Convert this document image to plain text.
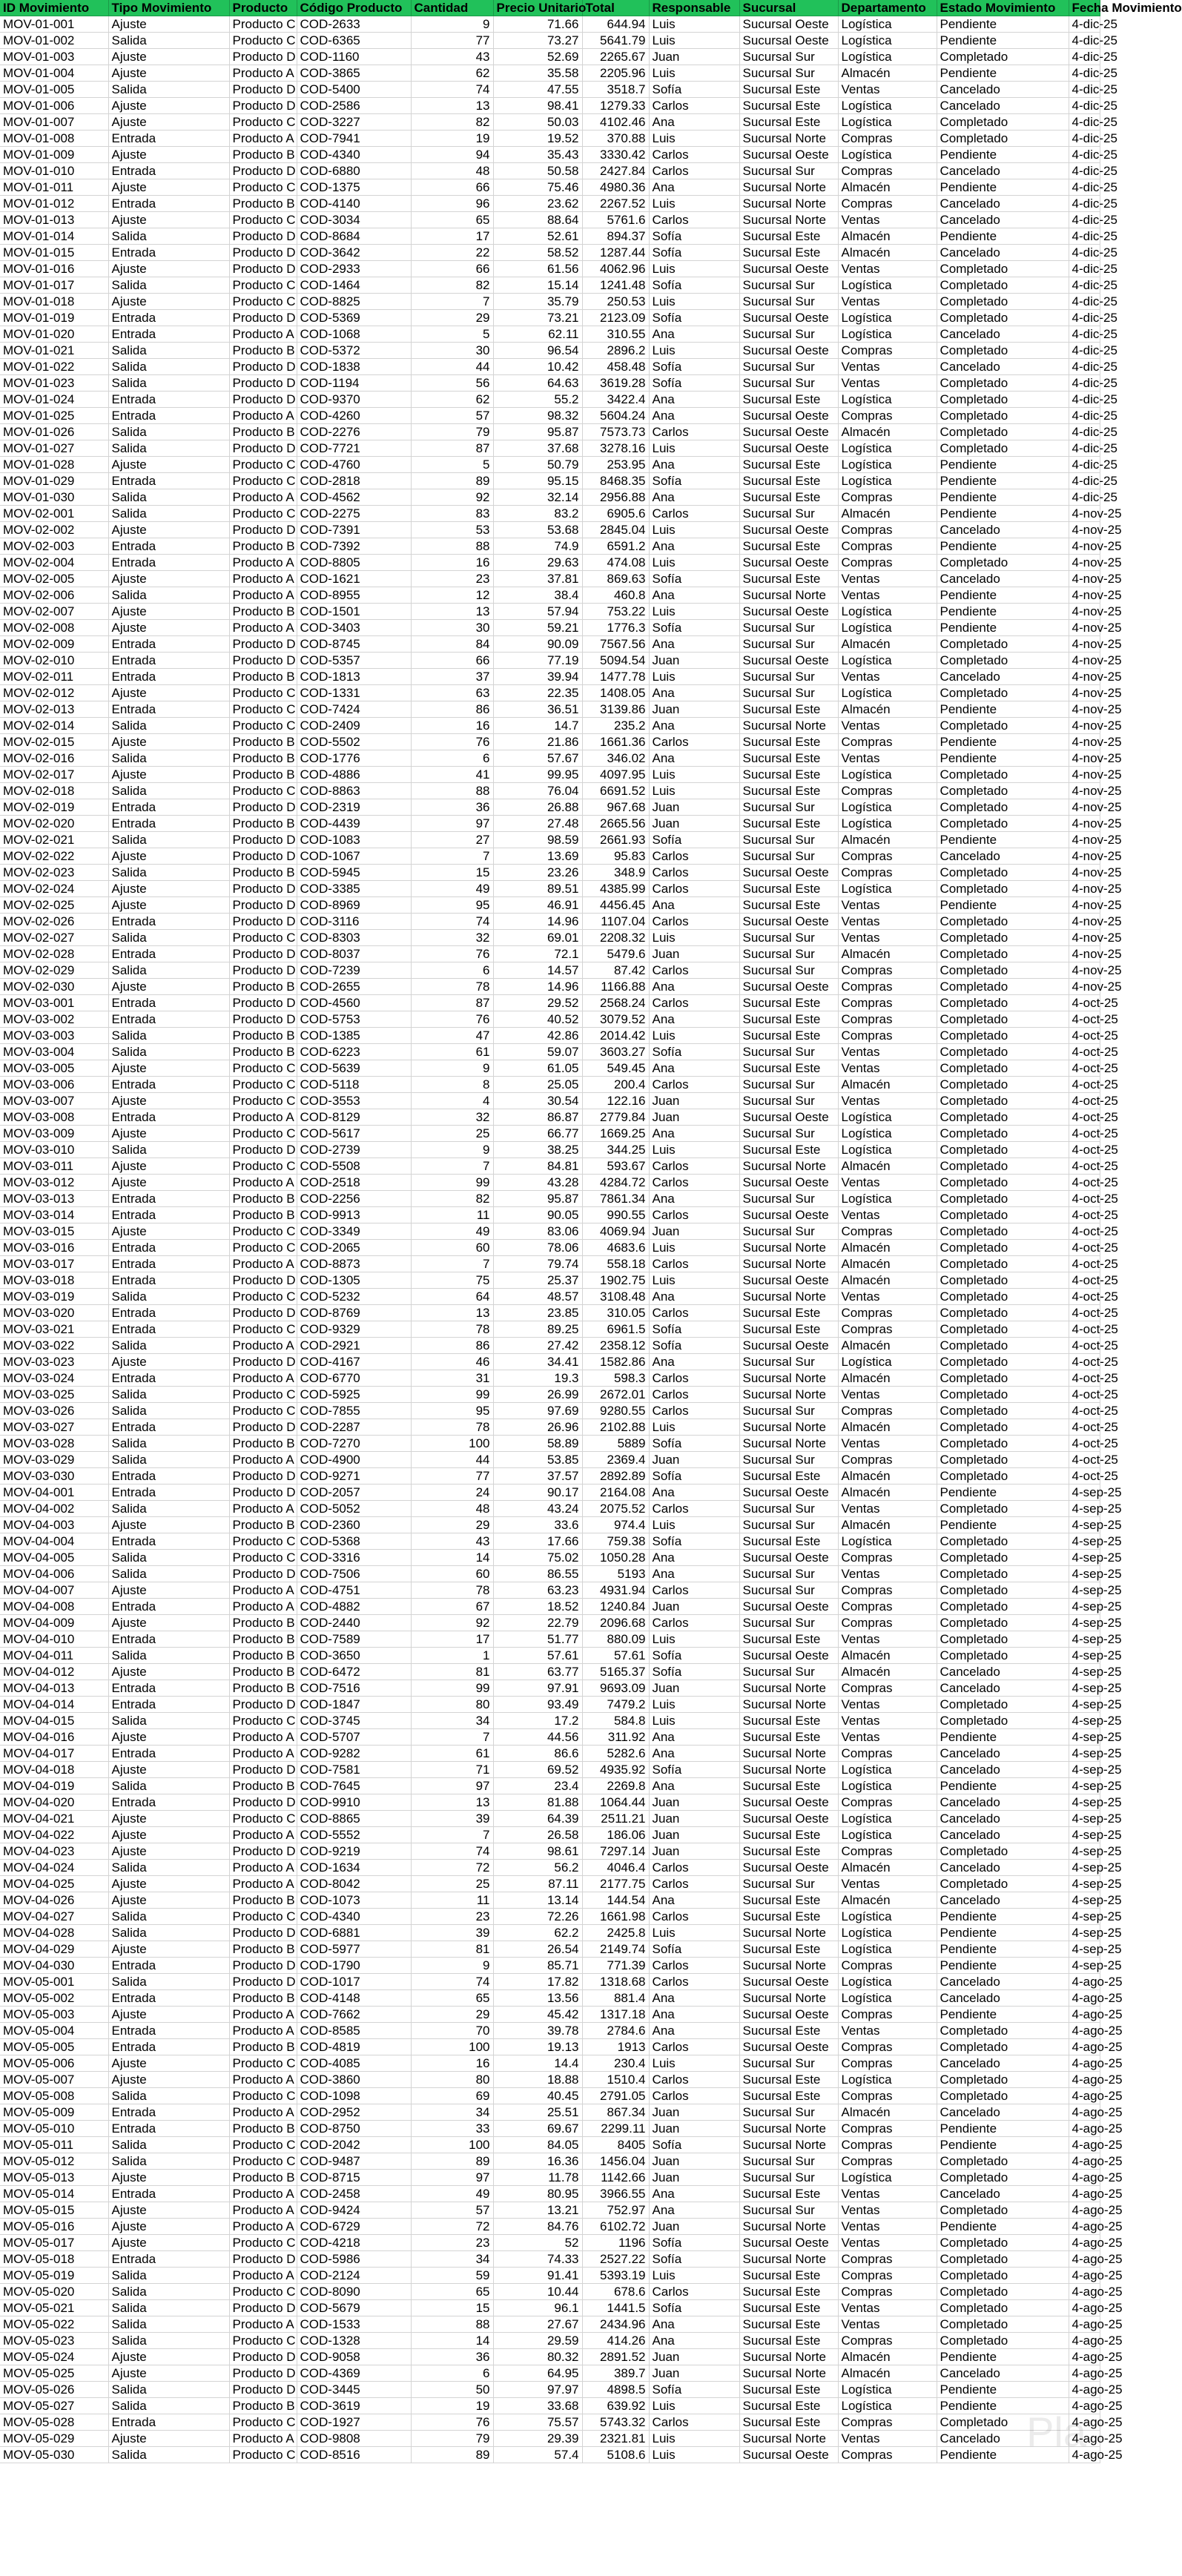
ID Movimiento	Tipo Movimiento	Producto	Código Producto	Cantidad	Precio Unitario	Total	Responsable	Sucursal	Departamento	Estado Movimiento	Fecha Movimiento
MOV-01-001	Ajuste	Producto C	COD-2633	9	71.66	644.94	Luis	Sucursal Oeste	Logística	Pendiente	4-dic-25
MOV-01-002	Salida	Producto C	COD-6365	77	73.27	5641.79	Luis	Sucursal Oeste	Logística	Pendiente	4-dic-25
MOV-01-003	Ajuste	Producto D	COD-1160	43	52.69	2265.67	Juan	Sucursal Sur	Logística	Completado	4-dic-25
MOV-01-004	Ajuste	Producto A	COD-3865	62	35.58	2205.96	Luis	Sucursal Sur	Almacén	Pendiente	4-dic-25
MOV-01-005	Salida	Producto D	COD-5400	74	47.55	3518.7	Sofía	Sucursal Este	Ventas	Cancelado	4-dic-25
MOV-01-006	Ajuste	Producto D	COD-2586	13	98.41	1279.33	Carlos	Sucursal Este	Logística	Cancelado	4-dic-25
MOV-01-007	Ajuste	Producto C	COD-3227	82	50.03	4102.46	Ana	Sucursal Este	Logística	Completado	4-dic-25
MOV-01-008	Entrada	Producto A	COD-7941	19	19.52	370.88	Luis	Sucursal Norte	Compras	Completado	4-dic-25
MOV-01-009	Ajuste	Producto B	COD-4340	94	35.43	3330.42	Carlos	Sucursal Oeste	Logística	Pendiente	4-dic-25
MOV-01-010	Entrada	Producto D	COD-6880	48	50.58	2427.84	Carlos	Sucursal Sur	Compras	Cancelado	4-dic-25
MOV-01-011	Ajuste	Producto C	COD-1375	66	75.46	4980.36	Ana	Sucursal Norte	Almacén	Pendiente	4-dic-25
MOV-01-012	Entrada	Producto B	COD-4140	96	23.62	2267.52	Luis	Sucursal Norte	Compras	Cancelado	4-dic-25
MOV-01-013	Ajuste	Producto C	COD-3034	65	88.64	5761.6	Carlos	Sucursal Norte	Ventas	Cancelado	4-dic-25
MOV-01-014	Salida	Producto D	COD-8684	17	52.61	894.37	Sofía	Sucursal Este	Almacén	Pendiente	4-dic-25
MOV-01-015	Entrada	Producto D	COD-3642	22	58.52	1287.44	Sofía	Sucursal Este	Almacén	Cancelado	4-dic-25
MOV-01-016	Ajuste	Producto D	COD-2933	66	61.56	4062.96	Luis	Sucursal Oeste	Ventas	Completado	4-dic-25
MOV-01-017	Salida	Producto C	COD-1464	82	15.14	1241.48	Sofía	Sucursal Sur	Logística	Completado	4-dic-25
MOV-01-018	Ajuste	Producto C	COD-8825	7	35.79	250.53	Luis	Sucursal Sur	Ventas	Completado	4-dic-25
MOV-01-019	Entrada	Producto D	COD-5369	29	73.21	2123.09	Sofía	Sucursal Oeste	Logística	Completado	4-dic-25
MOV-01-020	Entrada	Producto A	COD-1068	5	62.11	310.55	Ana	Sucursal Sur	Logística	Cancelado	4-dic-25
MOV-01-021	Salida	Producto B	COD-5372	30	96.54	2896.2	Luis	Sucursal Oeste	Compras	Completado	4-dic-25
MOV-01-022	Salida	Producto D	COD-1838	44	10.42	458.48	Sofía	Sucursal Sur	Ventas	Cancelado	4-dic-25
MOV-01-023	Salida	Producto D	COD-1194	56	64.63	3619.28	Sofía	Sucursal Sur	Ventas	Completado	4-dic-25
MOV-01-024	Entrada	Producto D	COD-9370	62	55.2	3422.4	Ana	Sucursal Este	Logística	Completado	4-dic-25
MOV-01-025	Entrada	Producto A	COD-4260	57	98.32	5604.24	Ana	Sucursal Oeste	Compras	Completado	4-dic-25
MOV-01-026	Salida	Producto B	COD-2276	79	95.87	7573.73	Carlos	Sucursal Oeste	Almacén	Completado	4-dic-25
MOV-01-027	Salida	Producto D	COD-7721	87	37.68	3278.16	Luis	Sucursal Oeste	Logística	Completado	4-dic-25
MOV-01-028	Ajuste	Producto C	COD-4760	5	50.79	253.95	Ana	Sucursal Este	Logística	Pendiente	4-dic-25
MOV-01-029	Entrada	Producto C	COD-2818	89	95.15	8468.35	Sofía	Sucursal Este	Logística	Pendiente	4-dic-25
MOV-01-030	Salida	Producto A	COD-4562	92	32.14	2956.88	Ana	Sucursal Este	Compras	Pendiente	4-dic-25
MOV-02-001	Salida	Producto C	COD-2275	83	83.2	6905.6	Carlos	Sucursal Sur	Almacén	Pendiente	4-nov-25
MOV-02-002	Ajuste	Producto D	COD-7391	53	53.68	2845.04	Luis	Sucursal Oeste	Compras	Cancelado	4-nov-25
MOV-02-003	Entrada	Producto B	COD-7392	88	74.9	6591.2	Ana	Sucursal Este	Compras	Pendiente	4-nov-25
MOV-02-004	Entrada	Producto A	COD-8805	16	29.63	474.08	Luis	Sucursal Oeste	Compras	Completado	4-nov-25
MOV-02-005	Ajuste	Producto A	COD-1621	23	37.81	869.63	Sofía	Sucursal Este	Ventas	Cancelado	4-nov-25
MOV-02-006	Salida	Producto A	COD-8955	12	38.4	460.8	Ana	Sucursal Norte	Ventas	Pendiente	4-nov-25
MOV-02-007	Ajuste	Producto B	COD-1501	13	57.94	753.22	Luis	Sucursal Oeste	Logística	Pendiente	4-nov-25
MOV-02-008	Ajuste	Producto A	COD-3403	30	59.21	1776.3	Sofía	Sucursal Sur	Logística	Pendiente	4-nov-25
MOV-02-009	Entrada	Producto D	COD-8745	84	90.09	7567.56	Ana	Sucursal Sur	Almacén	Completado	4-nov-25
MOV-02-010	Entrada	Producto D	COD-5357	66	77.19	5094.54	Juan	Sucursal Oeste	Logística	Completado	4-nov-25
MOV-02-011	Entrada	Producto B	COD-1813	37	39.94	1477.78	Luis	Sucursal Sur	Ventas	Cancelado	4-nov-25
MOV-02-012	Ajuste	Producto C	COD-1331	63	22.35	1408.05	Ana	Sucursal Sur	Logística	Completado	4-nov-25
MOV-02-013	Entrada	Producto C	COD-7424	86	36.51	3139.86	Juan	Sucursal Este	Almacén	Pendiente	4-nov-25
MOV-02-014	Salida	Producto C	COD-2409	16	14.7	235.2	Ana	Sucursal Norte	Ventas	Completado	4-nov-25
MOV-02-015	Ajuste	Producto B	COD-5502	76	21.86	1661.36	Carlos	Sucursal Este	Compras	Pendiente	4-nov-25
MOV-02-016	Salida	Producto B	COD-1776	6	57.67	346.02	Ana	Sucursal Este	Ventas	Pendiente	4-nov-25
MOV-02-017	Ajuste	Producto B	COD-4886	41	99.95	4097.95	Luis	Sucursal Este	Logística	Completado	4-nov-25
MOV-02-018	Salida	Producto C	COD-8863	88	76.04	6691.52	Luis	Sucursal Este	Compras	Completado	4-nov-25
MOV-02-019	Entrada	Producto D	COD-2319	36	26.88	967.68	Juan	Sucursal Sur	Logística	Completado	4-nov-25
MOV-02-020	Entrada	Producto B	COD-4439	97	27.48	2665.56	Juan	Sucursal Este	Logística	Completado	4-nov-25
MOV-02-021	Salida	Producto D	COD-1083	27	98.59	2661.93	Sofía	Sucursal Sur	Almacén	Pendiente	4-nov-25
MOV-02-022	Ajuste	Producto D	COD-1067	7	13.69	95.83	Carlos	Sucursal Sur	Compras	Cancelado	4-nov-25
MOV-02-023	Salida	Producto B	COD-5945	15	23.26	348.9	Carlos	Sucursal Oeste	Compras	Completado	4-nov-25
MOV-02-024	Ajuste	Producto D	COD-3385	49	89.51	4385.99	Carlos	Sucursal Este	Logística	Completado	4-nov-25
MOV-02-025	Ajuste	Producto D	COD-8969	95	46.91	4456.45	Ana	Sucursal Este	Ventas	Pendiente	4-nov-25
MOV-02-026	Entrada	Producto D	COD-3116	74	14.96	1107.04	Carlos	Sucursal Oeste	Ventas	Completado	4-nov-25
MOV-02-027	Salida	Producto C	COD-8303	32	69.01	2208.32	Luis	Sucursal Sur	Ventas	Completado	4-nov-25
MOV-02-028	Entrada	Producto D	COD-8037	76	72.1	5479.6	Juan	Sucursal Sur	Almacén	Completado	4-nov-25
MOV-02-029	Salida	Producto D	COD-7239	6	14.57	87.42	Carlos	Sucursal Sur	Compras	Completado	4-nov-25
MOV-02-030	Ajuste	Producto B	COD-2655	78	14.96	1166.88	Ana	Sucursal Oeste	Compras	Completado	4-nov-25
MOV-03-001	Entrada	Producto D	COD-4560	87	29.52	2568.24	Carlos	Sucursal Este	Compras	Completado	4-oct-25
MOV-03-002	Entrada	Producto D	COD-5753	76	40.52	3079.52	Ana	Sucursal Este	Compras	Completado	4-oct-25
MOV-03-003	Salida	Producto B	COD-1385	47	42.86	2014.42	Luis	Sucursal Este	Compras	Completado	4-oct-25
MOV-03-004	Salida	Producto B	COD-6223	61	59.07	3603.27	Sofía	Sucursal Sur	Ventas	Completado	4-oct-25
MOV-03-005	Ajuste	Producto C	COD-5639	9	61.05	549.45	Ana	Sucursal Este	Ventas	Completado	4-oct-25
MOV-03-006	Entrada	Producto C	COD-5118	8	25.05	200.4	Carlos	Sucursal Sur	Almacén	Completado	4-oct-25
MOV-03-007	Ajuste	Producto C	COD-3553	4	30.54	122.16	Juan	Sucursal Sur	Ventas	Completado	4-oct-25
MOV-03-008	Entrada	Producto A	COD-8129	32	86.87	2779.84	Juan	Sucursal Oeste	Logística	Completado	4-oct-25
MOV-03-009	Ajuste	Producto C	COD-5617	25	66.77	1669.25	Ana	Sucursal Sur	Logística	Completado	4-oct-25
MOV-03-010	Salida	Producto D	COD-2739	9	38.25	344.25	Luis	Sucursal Este	Logística	Completado	4-oct-25
MOV-03-011	Ajuste	Producto C	COD-5508	7	84.81	593.67	Carlos	Sucursal Norte	Almacén	Completado	4-oct-25
MOV-03-012	Ajuste	Producto A	COD-2518	99	43.28	4284.72	Carlos	Sucursal Oeste	Ventas	Completado	4-oct-25
MOV-03-013	Entrada	Producto B	COD-2256	82	95.87	7861.34	Ana	Sucursal Sur	Logística	Completado	4-oct-25
MOV-03-014	Entrada	Producto B	COD-9913	11	90.05	990.55	Carlos	Sucursal Oeste	Ventas	Completado	4-oct-25
MOV-03-015	Ajuste	Producto C	COD-3349	49	83.06	4069.94	Juan	Sucursal Sur	Compras	Completado	4-oct-25
MOV-03-016	Entrada	Producto C	COD-2065	60	78.06	4683.6	Luis	Sucursal Norte	Almacén	Completado	4-oct-25
MOV-03-017	Entrada	Producto A	COD-8873	7	79.74	558.18	Carlos	Sucursal Norte	Almacén	Completado	4-oct-25
MOV-03-018	Entrada	Producto D	COD-1305	75	25.37	1902.75	Luis	Sucursal Oeste	Almacén	Completado	4-oct-25
MOV-03-019	Salida	Producto C	COD-5232	64	48.57	3108.48	Ana	Sucursal Norte	Ventas	Completado	4-oct-25
MOV-03-020	Entrada	Producto D	COD-8769	13	23.85	310.05	Carlos	Sucursal Este	Compras	Completado	4-oct-25
MOV-03-021	Entrada	Producto C	COD-9329	78	89.25	6961.5	Sofía	Sucursal Este	Compras	Completado	4-oct-25
MOV-03-022	Salida	Producto A	COD-2921	86	27.42	2358.12	Sofía	Sucursal Oeste	Almacén	Completado	4-oct-25
MOV-03-023	Ajuste	Producto D	COD-4167	46	34.41	1582.86	Ana	Sucursal Sur	Logística	Completado	4-oct-25
MOV-03-024	Entrada	Producto A	COD-6770	31	19.3	598.3	Carlos	Sucursal Norte	Almacén	Completado	4-oct-25
MOV-03-025	Salida	Producto C	COD-5925	99	26.99	2672.01	Carlos	Sucursal Norte	Ventas	Completado	4-oct-25
MOV-03-026	Salida	Producto C	COD-7855	95	97.69	9280.55	Carlos	Sucursal Sur	Compras	Completado	4-oct-25
MOV-03-027	Entrada	Producto D	COD-2287	78	26.96	2102.88	Luis	Sucursal Norte	Almacén	Completado	4-oct-25
MOV-03-028	Salida	Producto B	COD-7270	100	58.89	5889	Sofía	Sucursal Norte	Ventas	Completado	4-oct-25
MOV-03-029	Salida	Producto A	COD-4900	44	53.85	2369.4	Juan	Sucursal Sur	Compras	Completado	4-oct-25
MOV-03-030	Entrada	Producto D	COD-9271	77	37.57	2892.89	Sofía	Sucursal Este	Almacén	Completado	4-oct-25
MOV-04-001	Entrada	Producto D	COD-2057	24	90.17	2164.08	Ana	Sucursal Oeste	Almacén	Pendiente	4-sep-25
MOV-04-002	Salida	Producto A	COD-5052	48	43.24	2075.52	Carlos	Sucursal Sur	Ventas	Completado	4-sep-25
MOV-04-003	Ajuste	Producto B	COD-2360	29	33.6	974.4	Luis	Sucursal Sur	Almacén	Pendiente	4-sep-25
MOV-04-004	Entrada	Producto C	COD-5368	43	17.66	759.38	Sofía	Sucursal Este	Logística	Completado	4-sep-25
MOV-04-005	Salida	Producto C	COD-3316	14	75.02	1050.28	Ana	Sucursal Oeste	Compras	Completado	4-sep-25
MOV-04-006	Salida	Producto D	COD-7506	60	86.55	5193	Ana	Sucursal Sur	Ventas	Completado	4-sep-25
MOV-04-007	Ajuste	Producto A	COD-4751	78	63.23	4931.94	Carlos	Sucursal Sur	Compras	Completado	4-sep-25
MOV-04-008	Entrada	Producto A	COD-4882	67	18.52	1240.84	Juan	Sucursal Oeste	Compras	Completado	4-sep-25
MOV-04-009	Ajuste	Producto B	COD-2440	92	22.79	2096.68	Carlos	Sucursal Sur	Compras	Completado	4-sep-25
MOV-04-010	Entrada	Producto B	COD-7589	17	51.77	880.09	Luis	Sucursal Este	Ventas	Completado	4-sep-25
MOV-04-011	Salida	Producto B	COD-3650	1	57.61	57.61	Sofía	Sucursal Oeste	Almacén	Completado	4-sep-25
MOV-04-012	Ajuste	Producto B	COD-6472	81	63.77	5165.37	Sofía	Sucursal Sur	Almacén	Cancelado	4-sep-25
MOV-04-013	Entrada	Producto B	COD-7516	99	97.91	9693.09	Juan	Sucursal Norte	Compras	Cancelado	4-sep-25
MOV-04-014	Entrada	Producto D	COD-1847	80	93.49	7479.2	Luis	Sucursal Norte	Ventas	Completado	4-sep-25
MOV-04-015	Salida	Producto C	COD-3745	34	17.2	584.8	Luis	Sucursal Este	Ventas	Completado	4-sep-25
MOV-04-016	Ajuste	Producto A	COD-5707	7	44.56	311.92	Ana	Sucursal Este	Ventas	Pendiente	4-sep-25
MOV-04-017	Entrada	Producto A	COD-9282	61	86.6	5282.6	Ana	Sucursal Norte	Compras	Cancelado	4-sep-25
MOV-04-018	Ajuste	Producto D	COD-7581	71	69.52	4935.92	Sofía	Sucursal Norte	Logística	Cancelado	4-sep-25
MOV-04-019	Salida	Producto B	COD-7645	97	23.4	2269.8	Ana	Sucursal Este	Logística	Pendiente	4-sep-25
MOV-04-020	Entrada	Producto D	COD-9910	13	81.88	1064.44	Juan	Sucursal Oeste	Compras	Cancelado	4-sep-25
MOV-04-021	Ajuste	Producto C	COD-8865	39	64.39	2511.21	Juan	Sucursal Oeste	Logística	Cancelado	4-sep-25
MOV-04-022	Ajuste	Producto A	COD-5552	7	26.58	186.06	Juan	Sucursal Este	Logística	Cancelado	4-sep-25
MOV-04-023	Ajuste	Producto D	COD-9219	74	98.61	7297.14	Juan	Sucursal Este	Compras	Completado	4-sep-25
MOV-04-024	Salida	Producto A	COD-1634	72	56.2	4046.4	Carlos	Sucursal Oeste	Almacén	Cancelado	4-sep-25
MOV-04-025	Ajuste	Producto A	COD-8042	25	87.11	2177.75	Carlos	Sucursal Sur	Ventas	Completado	4-sep-25
MOV-04-026	Ajuste	Producto B	COD-1073	11	13.14	144.54	Ana	Sucursal Este	Almacén	Cancelado	4-sep-25
MOV-04-027	Salida	Producto C	COD-4340	23	72.26	1661.98	Carlos	Sucursal Este	Logística	Pendiente	4-sep-25
MOV-04-028	Salida	Producto D	COD-6881	39	62.2	2425.8	Luis	Sucursal Norte	Logística	Pendiente	4-sep-25
MOV-04-029	Ajuste	Producto B	COD-5977	81	26.54	2149.74	Sofía	Sucursal Este	Logística	Pendiente	4-sep-25
MOV-04-030	Entrada	Producto D	COD-1790	9	85.71	771.39	Carlos	Sucursal Norte	Compras	Pendiente	4-sep-25
MOV-05-001	Salida	Producto D	COD-1017	74	17.82	1318.68	Carlos	Sucursal Oeste	Logística	Cancelado	4-ago-25
MOV-05-002	Entrada	Producto B	COD-4148	65	13.56	881.4	Ana	Sucursal Norte	Logística	Cancelado	4-ago-25
MOV-05-003	Ajuste	Producto A	COD-7662	29	45.42	1317.18	Ana	Sucursal Oeste	Compras	Pendiente	4-ago-25
MOV-05-004	Entrada	Producto A	COD-8585	70	39.78	2784.6	Ana	Sucursal Este	Ventas	Completado	4-ago-25
MOV-05-005	Entrada	Producto B	COD-4819	100	19.13	1913	Carlos	Sucursal Oeste	Compras	Completado	4-ago-25
MOV-05-006	Ajuste	Producto C	COD-4085	16	14.4	230.4	Luis	Sucursal Sur	Compras	Cancelado	4-ago-25
MOV-05-007	Ajuste	Producto A	COD-3860	80	18.88	1510.4	Carlos	Sucursal Este	Logística	Completado	4-ago-25
MOV-05-008	Salida	Producto C	COD-1098	69	40.45	2791.05	Carlos	Sucursal Este	Compras	Completado	4-ago-25
MOV-05-009	Entrada	Producto A	COD-2952	34	25.51	867.34	Juan	Sucursal Sur	Almacén	Cancelado	4-ago-25
MOV-05-010	Entrada	Producto B	COD-8750	33	69.67	2299.11	Juan	Sucursal Norte	Compras	Pendiente	4-ago-25
MOV-05-011	Salida	Producto C	COD-2042	100	84.05	8405	Sofía	Sucursal Norte	Compras	Pendiente	4-ago-25
MOV-05-012	Salida	Producto C	COD-9487	89	16.36	1456.04	Juan	Sucursal Sur	Compras	Completado	4-ago-25
MOV-05-013	Ajuste	Producto B	COD-8715	97	11.78	1142.66	Juan	Sucursal Sur	Logística	Completado	4-ago-25
MOV-05-014	Entrada	Producto A	COD-2458	49	80.95	3966.55	Ana	Sucursal Este	Ventas	Cancelado	4-ago-25
MOV-05-015	Ajuste	Producto A	COD-9424	57	13.21	752.97	Ana	Sucursal Sur	Ventas	Completado	4-ago-25
MOV-05-016	Ajuste	Producto A	COD-6729	72	84.76	6102.72	Juan	Sucursal Norte	Ventas	Pendiente	4-ago-25
MOV-05-017	Ajuste	Producto C	COD-4218	23	52	1196	Sofía	Sucursal Oeste	Ventas	Completado	4-ago-25
MOV-05-018	Entrada	Producto D	COD-5986	34	74.33	2527.22	Sofía	Sucursal Norte	Compras	Completado	4-ago-25
MOV-05-019	Salida	Producto A	COD-2124	59	91.41	5393.19	Luis	Sucursal Este	Compras	Completado	4-ago-25
MOV-05-020	Salida	Producto C	COD-8090	65	10.44	678.6	Carlos	Sucursal Este	Compras	Completado	4-ago-25
MOV-05-021	Salida	Producto D	COD-5679	15	96.1	1441.5	Sofía	Sucursal Este	Ventas	Completado	4-ago-25
MOV-05-022	Salida	Producto A	COD-1533	88	27.67	2434.96	Ana	Sucursal Este	Ventas	Completado	4-ago-25
MOV-05-023	Salida	Producto C	COD-1328	14	29.59	414.26	Ana	Sucursal Este	Compras	Completado	4-ago-25
MOV-05-024	Ajuste	Producto D	COD-9058	36	80.32	2891.52	Juan	Sucursal Norte	Almacén	Pendiente	4-ago-25
MOV-05-025	Ajuste	Producto D	COD-4369	6	64.95	389.7	Juan	Sucursal Norte	Almacén	Cancelado	4-ago-25
MOV-05-026	Salida	Producto D	COD-3445	50	97.97	4898.5	Sofía	Sucursal Este	Logística	Pendiente	4-ago-25
MOV-05-027	Salida	Producto B	COD-3619	19	33.68	639.92	Luis	Sucursal Este	Logística	Pendiente	4-ago-25
MOV-05-028	Entrada	Producto C	COD-1927	76	75.57	5743.32	Carlos	Sucursal Este	Compras	Completado	4-ago-25
MOV-05-029	Ajuste	Producto A	COD-9808	79	29.39	2321.81	Luis	Sucursal Norte	Ventas	Cancelado	4-ago-25
MOV-05-030	Salida	Producto C	COD-8516	89	57.4	5108.6	Luis	Sucursal Oeste	Compras	Pendiente	4-ago-25
Pla
